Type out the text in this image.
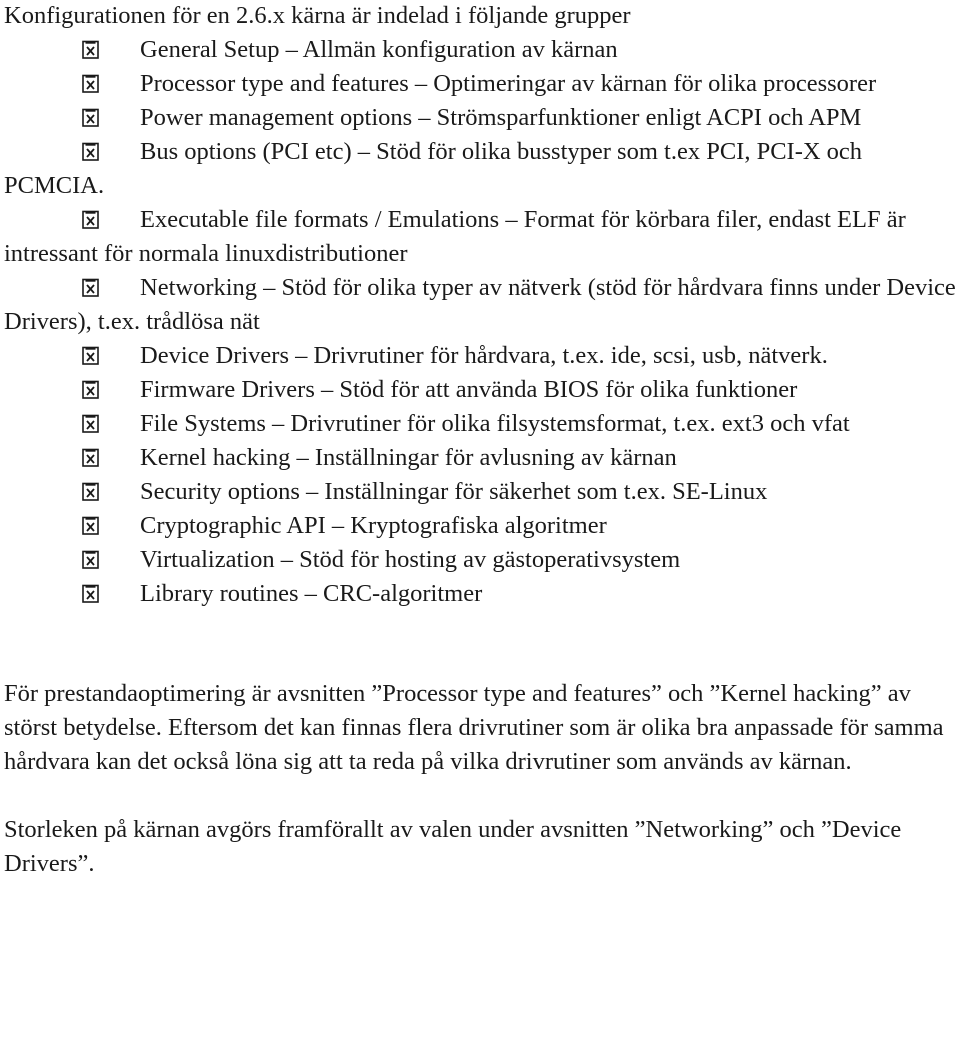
Konfigurationen för en 2.6.x kärna är indelad i följande grupper

General Setup – Allmän konfiguration av kärnan
Processor type and features – Optimeringar av kärnan för olika processorer
Power management options – Strömsparfunktioner enligt ACPI och APM
Bus options (PCI etc) – Stöd för olika busstyper som t.ex PCI, PCI-X och PCMCIA.
Executable file formats / Emulations – Format för körbara filer, endast ELF är intressant för normala linuxdistributioner
Networking – Stöd för olika typer av nätverk (stöd för hårdvara finns under Device Drivers), t.ex. trådlösa nät
Device Drivers – Drivrutiner för hårdvara, t.ex. ide, scsi, usb, nätverk.
Firmware Drivers – Stöd för att använda BIOS för olika funktioner
File Systems – Drivrutiner för olika filsystemsformat, t.ex. ext3 och vfat
Kernel hacking – Inställningar för avlusning av kärnan
Security options – Inställningar för säkerhet som t.ex. SE-Linux
Cryptographic API – Kryptografiska algoritmer
Virtualization – Stöd för hosting av gästoperativsystem
Library routines – CRC-algoritmer

För prestandaoptimering är avsnitten ”Processor type and features” och ”Kernel hacking” av störst betydelse. Eftersom det kan finnas flera drivrutiner som är olika bra anpassade för samma hårdvara kan det också löna sig att ta reda på vilka drivrutiner som används av kärnan.

Storleken på kärnan avgörs framförallt av valen under avsnitten ”Networking” och ”Device Drivers”.
